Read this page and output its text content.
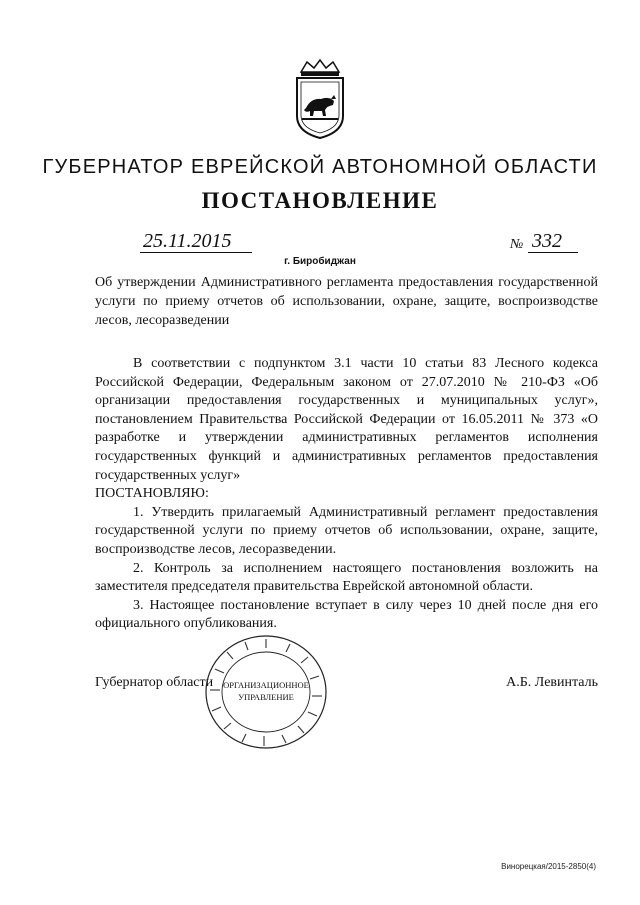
ГУБЕРНАТОР ЕВРЕЙСКОЙ АВТОНОМНОЙ ОБЛАСТИ
ПОСТАНОВЛЕНИЕ
25.11.2015	№ 332
г. Биробиджан
Об утверждении Административного регламента предоставления государственной услуги по приему отчетов об использовании, охране, защите, воспроизводстве лесов, лесоразведении

В соответствии с подпунктом 3.1 части 10 статьи 83 Лесного кодекса Российской Федерации, Федеральным законом от 27.07.2010 № 210-ФЗ «Об организации предоставления государственных и муниципальных услуг», постановлением Правительства Российской Федерации от 16.05.2011 № 373 «О разработке и утверждении административных регламентов исполнения государственных функций и административных регламентов предоставления государственных услуг»

ПОСТАНОВЛЯЮ:

1. Утвердить прилагаемый Административный регламент предоставления государственной услуги по приему отчетов об использовании, охране, защите, воспроизводстве лесов, лесоразведении.

2. Контроль за исполнением настоящего постановления возложить на заместителя председателя правительства Еврейской автономной области.

3. Настоящее постановление вступает в силу через 10 дней после дня его официального опубликования.

Губернатор области	А.Б. Левинталь
ОРГАНИЗАЦИОННОЕ
УПРАВЛЕНИЕ
Винорецкая/2015-2850(4)
